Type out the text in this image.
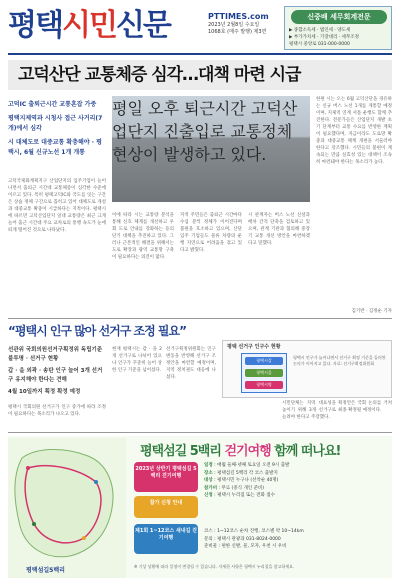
평택시민신문	PTTIMES.com
2023년 2월8일 수요일
1068호 (매주 발행) 제3면
신중배 세무회계전문
▶ 종합소득세 · 법인세 · 양도세
▶ 부가가치세 · 기장대리 · 세무조정
평택시 중앙로 031-000-0000
고덕산단 교통체증 심각…대책 마련 시급
고덕IC 출퇴근시간 교통혼잡 가중
평택지제역과 시청사 접근 사거리(7개)에서 심각
시 대체도로 대중교통 확충해야 · 평택시, 6월 신규노선 1개 개통
고덕국제화계획지구 산업단지의 입주기업이 늘어나면서 출퇴근 시간대 교통체증이 심각한 수준에 이르고 있다. 특히 평택고덕IC와 국도를 잇는 구간은 상습 정체 구간으로 꼽히고 있어 대체도로 개설과 대중교통 확충이 시급하다는 지적이다. 평택시에 따르면 고덕산업단지 일대 교통량은 최근 크게 늘어 출근 시간대 주요 교차로의 통행 속도가 눈에 띄게 떨어진 것으로 나타났다.
평일 오후 퇴근시간 고덕산업단지 진출입로 교통정체 현상이 발생하고 있다.
이에 따라 시는 교통량 분석을 통해 신호 체계를 개선하고 우회 도로 안내를 강화하는 등의 단기 대책을 추진하고 있다. 그러나 근본적인 해결을 위해서는 도로 확장과 광역 교통망 구축이 필요하다는 의견이 많다.
지역 주민들은 출퇴근 시간마다 수십 분씩 정체가 이어진다며 불편을 호소하고 있으며, 산단 입주 기업들도 물류 차량의 운행 지연으로 어려움을 겪고 있다고 밝혔다.
시 관계자는 버스 노선 신설과 배차 간격 단축을 검토하고 있으며, 관계 기관과 협의해 중장기 교통 개선 방안을 마련하겠다고 말했다.
한편 시는 오는 6월 고덕산단을 경유하는 신규 버스 노선 1개를 개통할 예정이며, 지제역 연계 셔틀 운행도 함께 추진한다. 전문가들은 산업단지 개발 초기 단계부터 교통 수요를 반영한 계획이 필요했다며, 지금이라도 도로망 확충과 대중교통 체계 개편을 서둘러야 한다고 강조했다. 시민들의 불편이 계속되는 만큼 실효성 있는 대책이 조속히 마련돼야 한다는 목소리가 높다.
김기반 · 김정순 기자
“평택시 인구 많아 선거구 조정 필요”
선관위 국회의원선거구획정위 독립기준 불투명 · 선거구 현황
갑 · 을 외곽 · 송탄 인구 늘어 3개 선거구 유지해야 한다는 견해
4월 10일까지 획정 확정 예정
평택시 국회의원 선거구가 인구 증가에 따라 조정이 필요하다는 목소리가 나오고 있다.
현재 평택시는 갑 · 을 2개 선거구로 나뉘어 있으나 인구가 꾸준히 늘어 상한 인구 기준을 넘어섰다.
선거구획정위원회는 인구 변동을 반영해 선거구 조정안을 마련할 예정이며, 지역 정치권도 대응에 나섰다.
평택 선거구 인구수 현황
평택시갑
평택시을
평택시병
평택시 인구가 늘어나면서 선거구 획정 기준을 둘러싼 논의가 이어지고 있다. 자료: 선거구획정위원회
시민단체는 지역 대표성을 높이기 위해 3개 선거구로 늘려야 한다고 주장했다.
획정안은 국회 논의를 거쳐 최종 확정될 예정이다.
평택섬길5백리
평택섬길 5백리 걷기여행 함께 떠나요!
2023년 상반기 평택섬길 5백리 걷기여행
참가 신청 안내
제1회 1~12코스 새내길 걷기여행
일정 : 매월 둘째·넷째 토요일 오전 9시 출발
장소 : 평택섬길 5백리 각 코스 출발지
대상 : 평택시민 누구나 (선착순 40명)
참가비 : 무료 (중식 개인 준비)
신청 : 평택시 누리집 또는 전화 접수
코스 : 1~12코스 순차 진행, 코스별 약 10~14km
문의 : 평택시 관광과 031-8024-0000
준비물 : 편한 신발, 물, 모자, 우천 시 우비
※ 기상 상황에 따라 일정이 변경될 수 있습니다. 자세한 사항은 평택시 누리집을 참고하세요.
